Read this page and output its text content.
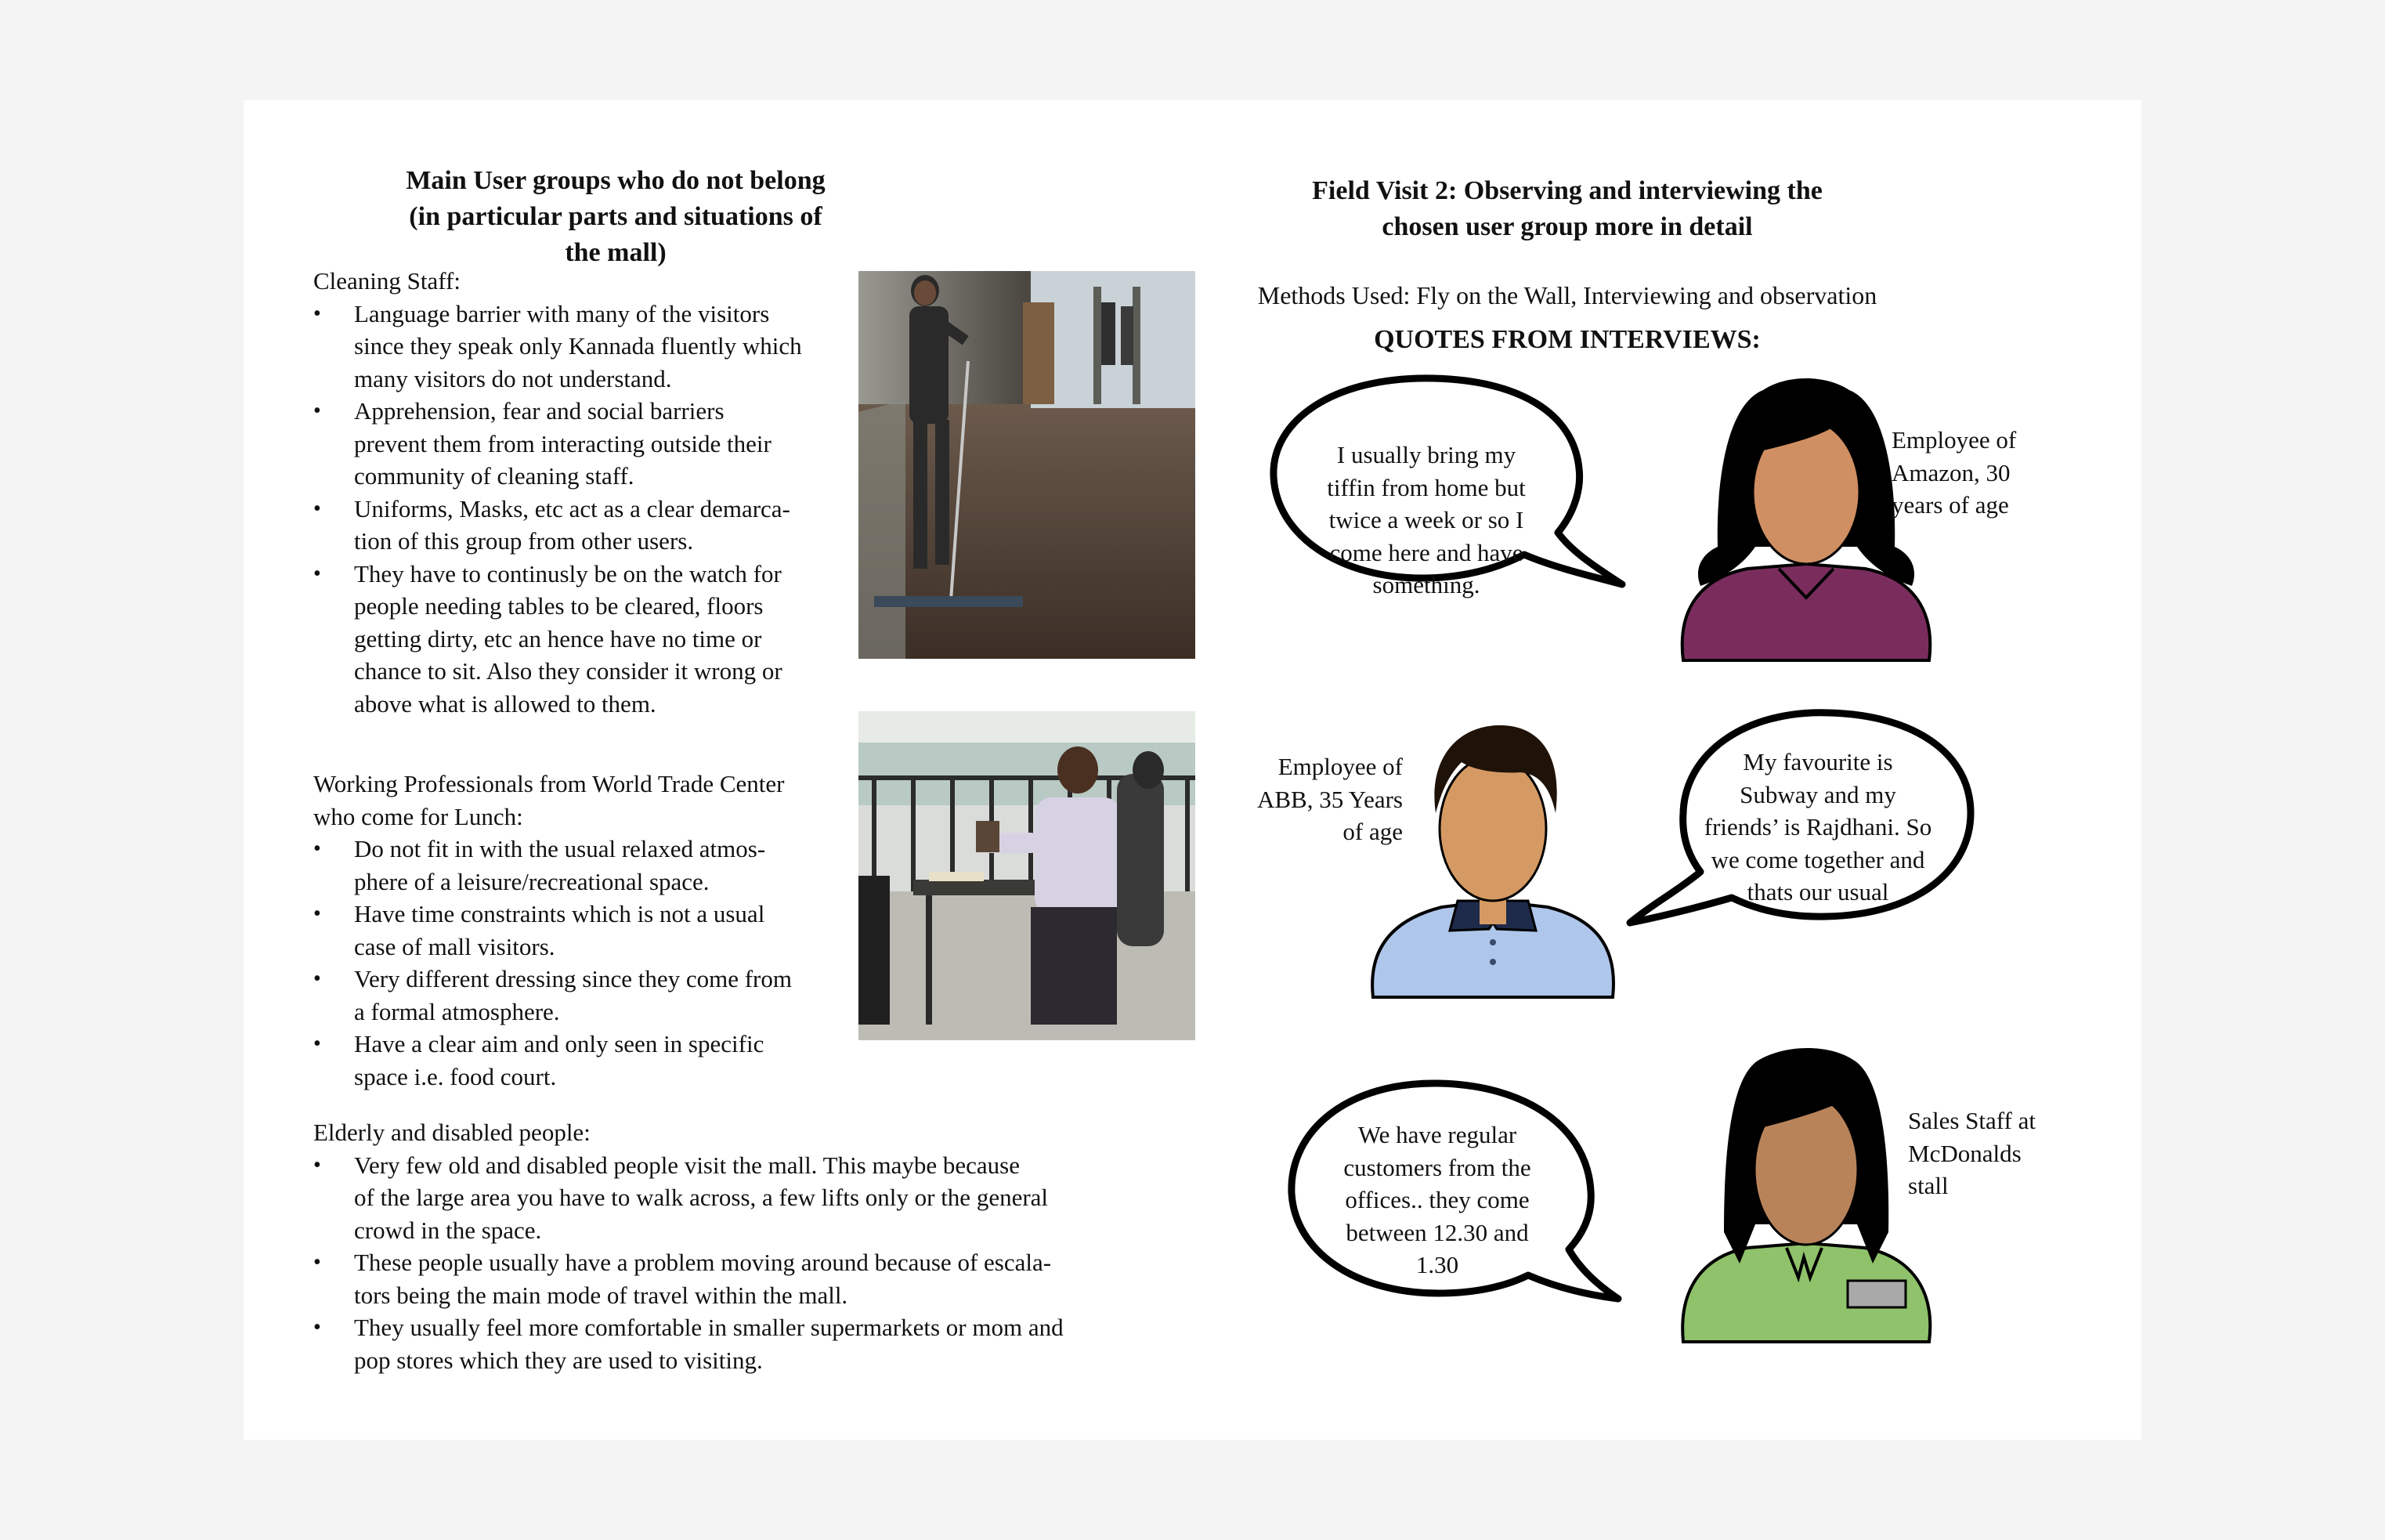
Main User groups who do not belong
(in particular parts and situations of the mall)
Cleaning Staff:
• Language barrier with many of the visitors
since they speak only Kannada fluently which
many visitors do not understand.
• Apprehension, fear and social barriers
prevent them from interacting outside their
community of cleaning staff.
• Uniforms, Masks, etc act as a clear demarca-
tion of this group from other users.
• They have to continusly be on the watch for
people needing tables to be cleared, floors
getting dirty, etc an hence have no time or
chance to sit. Also they consider it wrong or
above what is allowed to them.
Working Professionals from World Trade Center
who come for Lunch:
• Do not fit in with the usual relaxed atmos-
phere of a leisure/recreational space.
• Have time constraints which is not a usual
case of mall visitors.
• Very different dressing since they come from
a formal atmosphere.
• Have a clear aim and only seen in specific
space i.e. food court.
Elderly and disabled people:
• Very few old and disabled people visit the mall. This maybe because
of the large area you have to walk across, a few lifts only or the general
crowd in the space.
• These people usually have a problem moving around because of escala-
tors being the main mode of travel within the mall.
• They usually feel more comfortable in smaller supermarkets or mom and
pop stores which they are used to visiting.
Field Visit 2: Observing and interviewing the
chosen user group more in detail
Methods Used: Fly on the Wall, Interviewing and observation
QUOTES FROM INTERVIEWS:
I usually bring my
tiffin from home but
twice a week or so I
come here and have
something.
Employee of
Amazon, 30
years of age
Employee of
ABB, 35 Years
of age
My favourite is
Subway and my
friends’ is Rajdhani. So
we come together and
thats our usual
We have regular
customers from the
offices.. they come
between 12.30 and
1.30
Sales Staff at
McDonalds
stall
